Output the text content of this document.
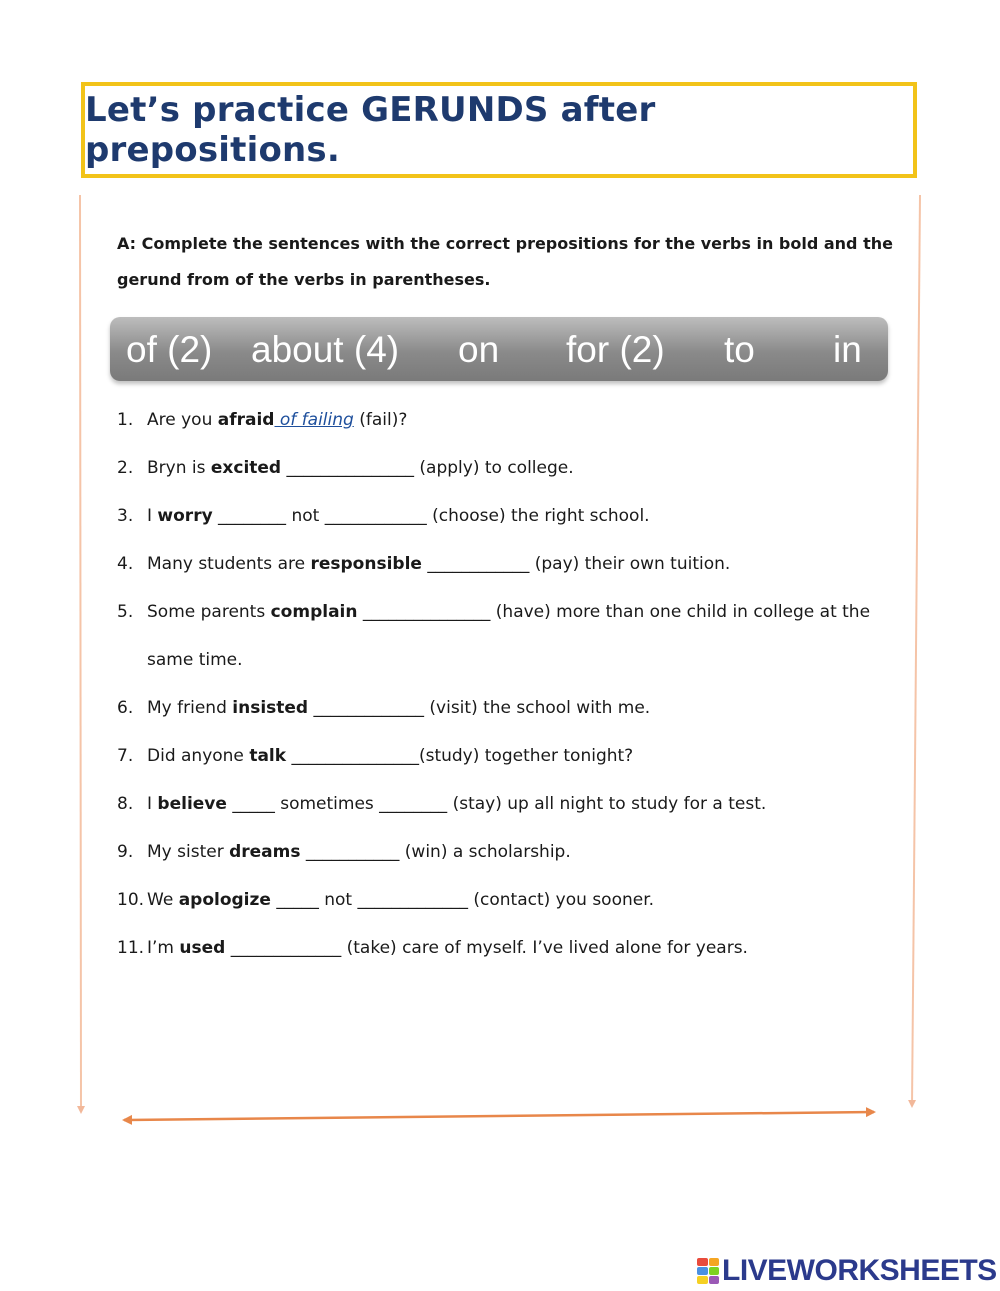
Let’s practice GERUNDS after prepositions.
A: Complete the sentences with the correct prepositions for the verbs in bold and the gerund from of the verbs in parentheses.
of (2) about (4) on for (2) to in
1. Are you afraid of failing (fail)?
2. Bryn is excited _______________ (apply) to college.
3. I worry ________ not ____________ (choose) the right school.
4. Many students are responsible ____________ (pay) their own tuition.
5. Some parents complain _______________ (have) more than one child in college at the same time.
6. My friend insisted _____________ (visit) the school with me.
7. Did anyone talk _______________(study) together tonight?
8. I believe _____ sometimes ________ (stay) up all night to study for a test.
9. My sister dreams ___________ (win) a scholarship.
10. We apologize _____ not _____________ (contact) you sooner.
11. I’m used _____________ (take) care of myself. I’ve lived alone for years.
LIVEWORKSHEETS
